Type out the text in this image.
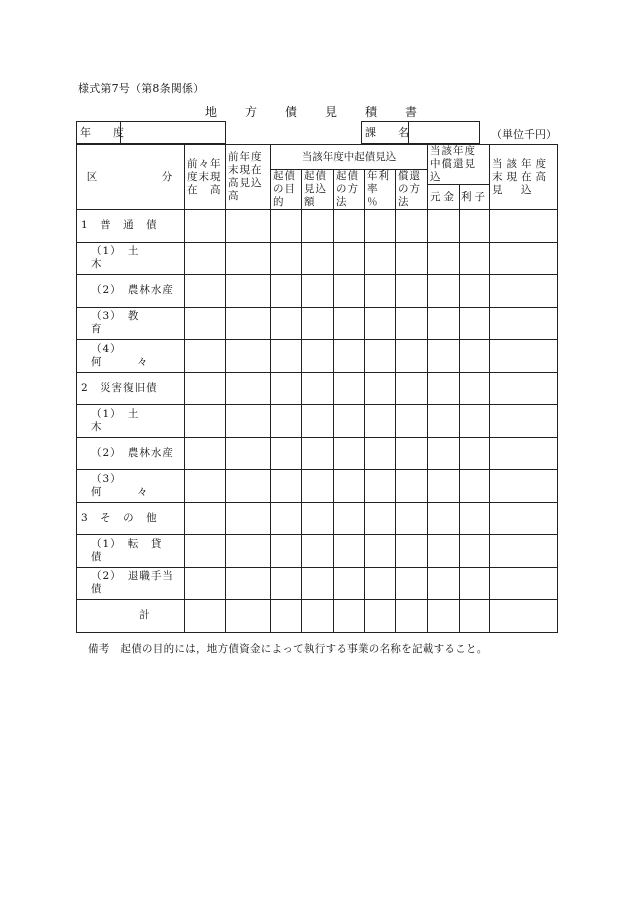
様式第7号（第8条関係）
地　方　債　見　積　書
年　　度	課　　名	（単位千円）
区　　　　　分	前々年度末現在　高	前年度末現在高見込高	当該年度中起債見込					当該年度中償還見込		当該年度末現在高見　込
			起債の目的	起債見込額	起債の方法	年利率　％	償還の方法			
								元金	利子	
1　普　通　債										
（1）　土　　　木										
（2）　農林水産										
（3）　教　　　育										
（4）　何　　　々										
2　災害復旧債										
（1）　土　　　木										
（2）　農林水産										
（3）　何　　　々										
3　そ　の　他										
（1）　転　貸　債										
（2）　退職手当債										
計										
備考　起債の目的には，地方債資金によって執行する事業の名称を記載すること。
